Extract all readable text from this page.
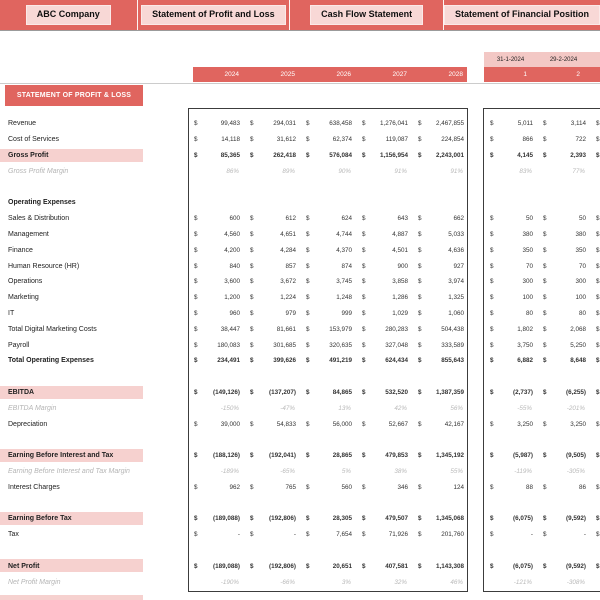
ABC Company	Statement of Profit and Loss	Cash Flow Statement	Statement of Financial Position
31-1-2024	29-2-2024
1	2
2024	2025	2026	2027	2028
STATEMENT OF PROFIT & LOSS
Revenue	$	99,483 $	294,031 $	638,458 $ 1,276,041 $ 2,467,855	$	5,011 $	3,114 $
Cost of Services	$	14,118 $	31,612 $	62,374 $	119,087 $	224,854	$	866 $	722 $
Gross Profit	$	85,365 $	262,418 $	576,084 $ 1,156,954 $ 2,243,001	$	4,145 $	2,393 $
Gross Profit Margin	86%	89%	90%	91%	91%	83%	77%
Operating Expenses
Sales & Distribution	$	600 $	612 $	624 $	643 $	662	$	50 $	50 $
Management	$	4,560 $	4,651 $	4,744 $	4,887 $	5,033	$	380 $	380 $
Finance	$	4,200 $	4,284 $	4,370 $	4,501 $	4,636	$	350 $	350 $
Human Resource (HR)	$	840 $	857 $	874 $	900 $	927	$	70 $	70 $
Operations	$	3,600 $	3,672 $	3,745 $	3,858 $	3,974	$	300 $	300 $
Marketing	$	1,200 $	1,224 $	1,248 $	1,286 $	1,325	$	100 $	100 $
IT	$	960 $	979 $	999 $	1,029 $	1,060	$	80 $	80 $
Total Digital Marketing Costs	$	38,447 $	81,661 $	153,979 $	280,283 $	504,438	$	1,802 $	2,068 $
Payroll	$	180,083 $	301,685 $	320,635 $	327,048 $	333,589	$	3,750 $	5,250 $
Total Operating Expenses	$	234,491 $	399,626 $	491,219 $	624,434 $	855,643	$	6,882 $	8,648 $
EBITDA	$ (149,126) $ (137,207) $	84,865 $	532,520 $ 1,387,359	$	(2,737) $	(6,255) $
EBITDA Margin	-150%	-47%	13%	42%	56%	-55%	-201%
Depreciation	$	39,000 $	54,833 $	56,000 $	52,667 $	42,167	$	3,250 $	3,250 $
Earning Before Interest and Tax	$ (188,126) $ (192,041) $	28,865 $	479,853 $ 1,345,192	$	(5,987) $	(9,505) $
Earning Before Interest and Tax Margin	-189%	-65%	5%	38%	55%	-119%	-305%
Interest Charges	$	962 $	765 $	560 $	346 $	124	$	88 $	86 $
Earning Before Tax	$ (189,088) $ (192,806) $	28,305 $	479,507 $ 1,345,068	$	(6,075) $	(9,592) $
Tax	$	- $	- $	7,654 $	71,926 $	201,760	$	- $	- $
Net Profit	$ (189,088) $ (192,806) $	20,651 $	407,581 $ 1,143,308	$	(6,075) $	(9,592) $
Net Profit Margin	-190%	-66%	3%	32%	46%	-121%	-308%
